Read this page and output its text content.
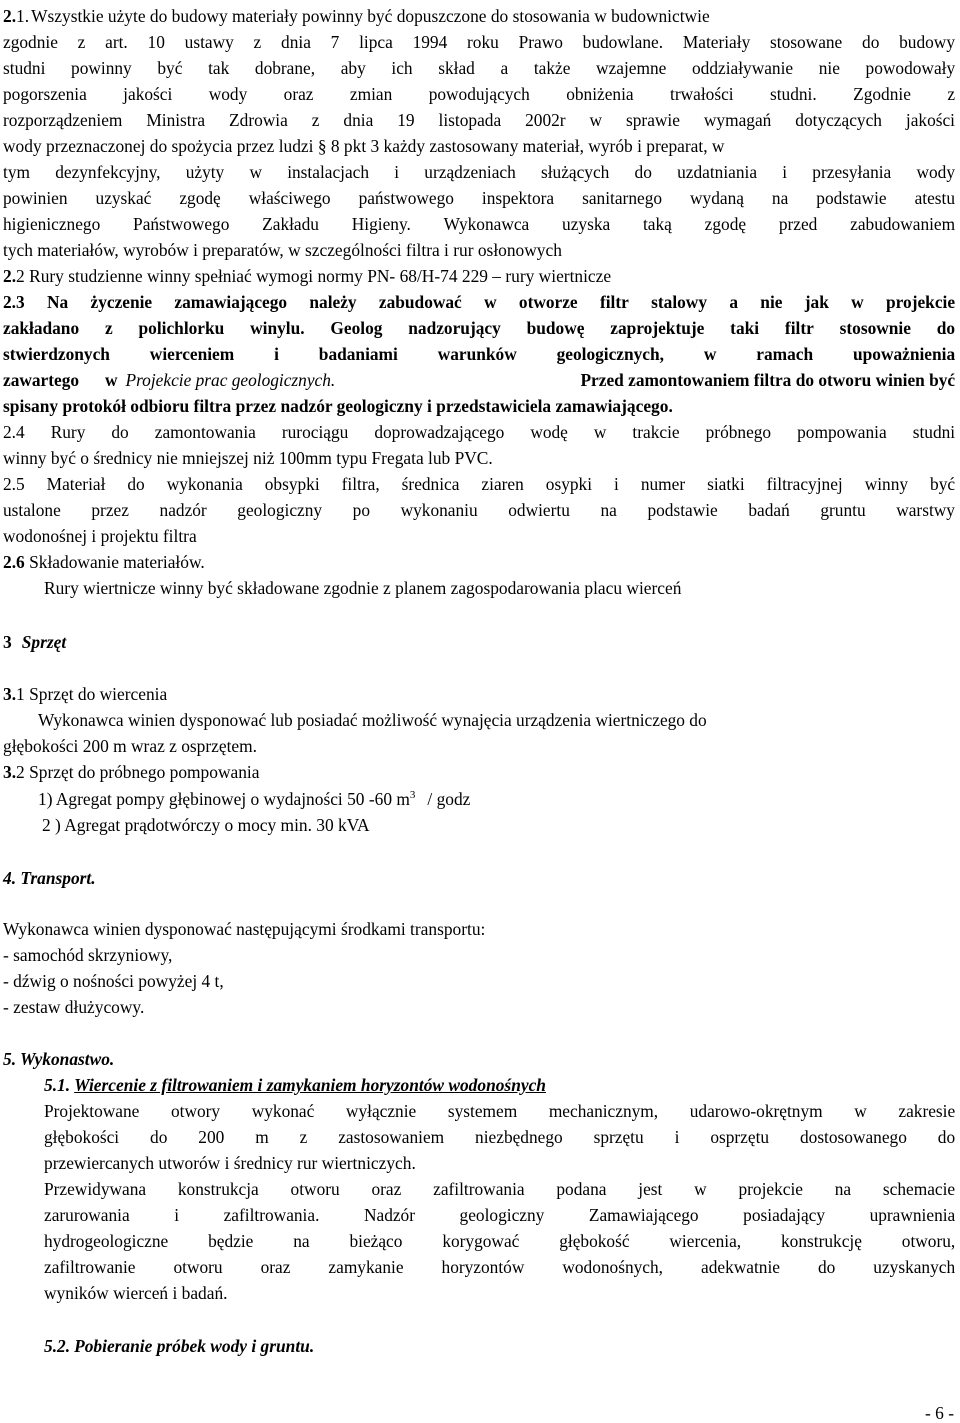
2.1. Wszystkie użyte do budowy materiały powinny być dopuszczone do stosowania w budownictwie
zgodnie z art. 10 ustawy z dnia 7 lipca 1994 roku Prawo budowlane. Materiały stosowane do budowy
studni powinny być tak dobrane, aby ich skład a także wzajemne oddziaływanie nie powodowały
pogorszenia jakości wody oraz zmian powodujących obniżenia trwałości studni. Zgodnie z
rozporządzeniem Ministra Zdrowia z dnia 19 listopada 2002r w sprawie wymagań dotyczących jakości
wody przeznaczonej do spożycia przez ludzi § 8 pkt 3 każdy zastosowany materiał, wyrób i preparat, w
tym dezynfekcyjny, użyty w instalacjach i urządzeniach służących do uzdatniania i przesyłania wody
powinien uzyskać zgodę właściwego państwowego inspektora sanitarnego wydaną na podstawie atestu
higienicznego Państwowego Zakładu Higieny. Wykonawca uzyska taką zgodę przed zabudowaniem
tych materiałów, wyrobów i preparatów, w szczególności filtra i rur osłonowych
2.2 Rury studzienne winny spełniać wymogi normy PN- 68/H-74 229 – rury wiertnicze
2.3 Na życzenie zamawiającego należy zabudować w otworze filtr stalowy a nie jak w projekcie
zakładano z polichlorku winylu. Geolog nadzorujący budowę zaprojektuje taki filtr stosownie do
stwierdzonych wierceniem i badaniami warunków geologicznych, w ramach upoważnienia
zawartego w Projekcie prac geologicznych.	Przed zamontowaniem filtra do otworu winien być
spisany protokół odbioru filtra przez nadzór geologiczny i przedstawiciela zamawiającego.
2.4 Rury do zamontowania rurociągu doprowadzającego wodę w trakcie próbnego pompowania studni
winny być o średnicy nie mniejszej niż 100mm typu Fregata lub PVC.
2.5 Materiał do wykonania obsypki filtra, średnica ziaren osypki i numer siatki filtracyjnej winny być
ustalone przez nadzór geologiczny po wykonaniu odwiertu na podstawie badań gruntu warstwy
wodonośnej i projektu filtra
2.6 Składowanie materiałów.
Rury wiertnicze winny być składowane zgodnie z planem zagospodarowania placu wierceń
3 Sprzęt
3.1 Sprzęt do wiercenia
Wykonawca winien dysponować lub posiadać możliwość wynajęcia urządzenia wiertniczego do
głębokości 200 m wraz z osprzętem.
3.2 Sprzęt do próbnego pompowania
1) Agregat pompy głębinowej o wydajności 50 -60 $m^3$ / godz
2 ) Agregat prądotwórczy o mocy min. 30 kVA
4. Transport.
Wykonawca winien dysponować następującymi środkami transportu:
- samochód skrzyniowy,
- dźwig o nośności powyżej 4 t,
- zestaw dłużycowy.
5. Wykonastwo.
5.1. Wiercenie z filtrowaniem i zamykaniem horyzontów wodonośnych
Projektowane otwory wykonać wyłącznie systemem mechanicznym, udarowo-okrętnym w zakresie
głębokości do 200 m z zastosowaniem niezbędnego sprzętu i osprzętu dostosowanego do
przewiercanych utworów i średnicy rur wiertniczych.
Przewidywana konstrukcja otworu oraz zafiltrowania podana jest w projekcie na schemacie
zarurowania	i	zafiltrowania.	Nadzór	geologiczny	Zamawiającego	posiadający	uprawnienia
hydrogeologiczne będzie na bieżąco korygować głębokość wiercenia, konstrukcję otworu,
zafiltrowanie otworu oraz zamykanie horyzontów wodonośnych, adekwatnie do uzyskanych
wyników wierceń i badań.
5.2. Pobieranie próbek wody i gruntu.
- 6 -
